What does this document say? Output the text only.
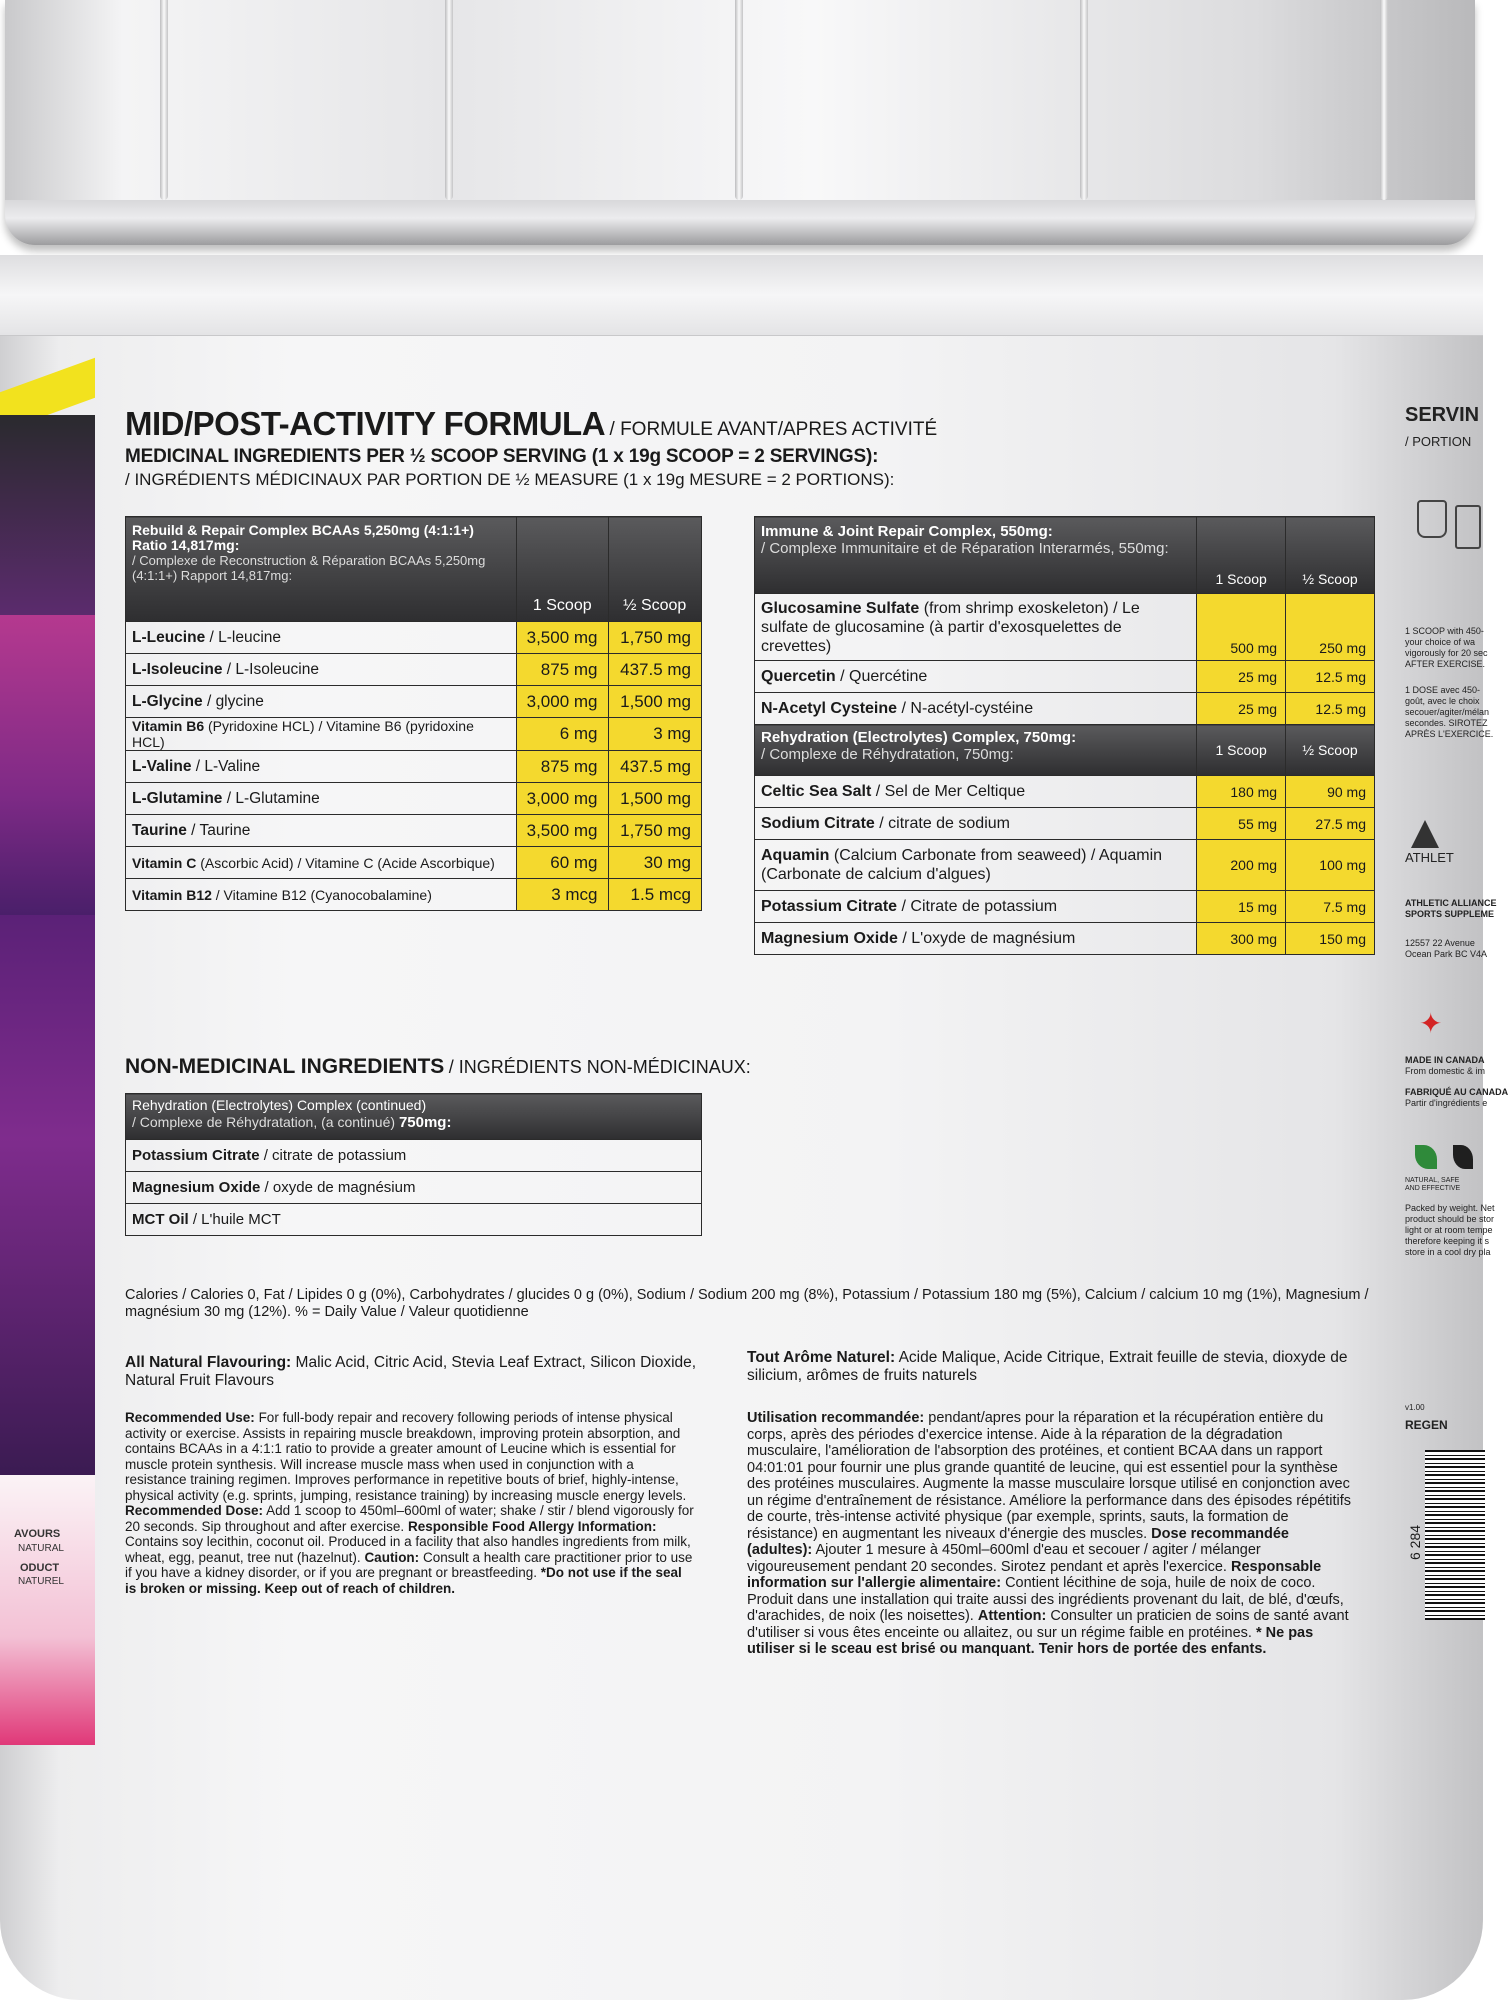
AVOURS
NATURAL
ODUCT
NATUREL
MID/POST-ACTIVITY FORMULA / FORMULE AVANT/APRES ACTIVITÉ
MEDICINAL INGREDIENTS PER ½ SCOOP SERVING (1 x 19g SCOOP = 2 SERVINGS):
/ INGRÉDIENTS MÉDICINAUX PAR PORTION DE ½ MEASURE (1 x 19g MESURE = 2 PORTIONS):
Rebuild & Repair Complex BCAAs 5,250mg (4:1:1+) Ratio 14,817mg:
/ Complexe de Reconstruction & Réparation BCAAs 5,250mg (4:1:1+) Rapport 14,817mg:	1 Scoop	½ Scoop
L-Leucine / L-leucine	3,500 mg	1,750 mg
L-Isoleucine / L-Isoleucine	875 mg	437.5 mg
L-Glycine / glycine	3,000 mg	1,500 mg
Vitamin B6 (Pyridoxine HCL) / Vitamine B6 (pyridoxine HCL)	6 mg	3 mg
L-Valine / L-Valine	875 mg	437.5 mg
L-Glutamine / L-Glutamine	3,000 mg	1,500 mg
Taurine / Taurine	3,500 mg	1,750 mg
Vitamin C (Ascorbic Acid) / Vitamine C (Acide Ascorbique)	60 mg	30 mg
Vitamin B12 / Vitamine B12 (Cyanocobalamine)	3 mcg	1.5 mcg
Immune & Joint Repair Complex, 550mg:
/ Complexe Immunitaire et de Réparation Interarmés, 550mg:	1 Scoop	½ Scoop
Glucosamine Sulfate (from shrimp exoskeleton) / Le sulfate de glucosamine (à partir d'exosquelettes de crevettes)	500 mg	250 mg
Quercetin / Quercétine	25 mg	12.5 mg
N-Acetyl Cysteine / N-acétyl-cystéine	25 mg	12.5 mg

Rehydration (Electrolytes) Complex, 750mg:
/ Complexe de Réhydratation, 750mg:	1 Scoop	½ Scoop
Celtic Sea Salt / Sel de Mer Celtique	180 mg	90 mg
Sodium Citrate / citrate de sodium	55 mg	27.5 mg
Aquamin (Calcium Carbonate from seaweed) / Aquamin (Carbonate de calcium d'algues)	200 mg	100 mg
Potassium Citrate / Citrate de potassium	15 mg	7.5 mg
Magnesium Oxide / L'oxyde de magnésium	300 mg	150 mg
NON-MEDICINAL INGREDIENTS / INGRÉDIENTS NON-MÉDICINAUX:
Rehydration (Electrolytes) Complex (continued)
/ Complexe de Réhydratation, (a continué) 750mg:

Potassium Citrate / citrate de potassium
Magnesium Oxide / oxyde de magnésium
MCT Oil / L'huile MCT
Calories / Calories 0, Fat / Lipides 0 g (0%), Carbohydrates / glucides 0 g (0%), Sodium / Sodium 200 mg (8%), Potassium / Potassium 180 mg (5%), Calcium / calcium 10 mg (1%), Magnesium / magnésium 30 mg (12%). % = Daily Value / Valeur quotidienne
All Natural Flavouring: Malic Acid, Citric Acid, Stevia Leaf Extract, Silicon Dioxide, Natural Fruit Flavours
Tout Arôme Naturel: Acide Malique, Acide Citrique, Extrait feuille de stevia, dioxyde de silicium, arômes de fruits naturels
Recommended Use: For full-body repair and recovery following periods of intense physical activity or exercise. Assists in repairing muscle breakdown, improving protein absorption, and contains BCAAs in a 4:1:1 ratio to provide a greater amount of Leucine which is essential for muscle protein synthesis. Will increase muscle mass when used in conjunction with a resistance training regimen. Improves performance in repetitive bouts of brief, highly-intense, physical activity (e.g. sprints, jumping, resistance training) by increasing muscle energy levels. Recommended Dose: Add 1 scoop to 450ml–600ml of water; shake / stir / blend vigorously for 20 seconds. Sip throughout and after exercise. Responsible Food Allergy Information: Contains soy lecithin, coconut oil. Produced in a facility that also handles ingredients from milk, wheat, egg, peanut, tree nut (hazelnut). Caution: Consult a health care practitioner prior to use if you have a kidney disorder, or if you are pregnant or breastfeeding. *Do not use if the seal is broken or missing. Keep out of reach of children.
Utilisation recommandée: pendant/apres pour la réparation et la récupération entière du corps, après des périodes d'exercice intense. Aide à la réparation de la dégradation musculaire, l'amélioration de l'absorption des protéines, et contient BCAA dans un rapport 04:01:01 pour fournir une plus grande quantité de leucine, qui est essentiel pour la synthèse des protéines musculaires. Augmente la masse musculaire lorsque utilisé en conjonction avec un régime d'entraînement de résistance. Améliore la performance dans des épisodes répétitifs de courte, très-intense activité physique (par exemple, sprints, sauts, la formation de résistance) en augmentant les niveaux d'énergie des muscles. Dose recommandée (adultes): Ajouter 1 mesure à 450ml–600ml d'eau et secouer / agiter / mélanger vigoureusement pendant 20 secondes. Sirotez pendant et après l'exercice. Responsable information sur l'allergie alimentaire: Contient lécithine de soja, huile de noix de coco. Produit dans une installation qui traite aussi des ingrédients provenant du lait, de blé, d'œufs, d'arachides, de noix (les noisettes). Attention: Consulter un praticien de soins de santé avant d'utiliser si vous êtes enceinte ou allaitez, ou sur un régime faible en protéines. * Ne pas utiliser si le sceau est brisé ou manquant. Tenir hors de portée des enfants.
SERVIN
/ PORTION
1 SCOOP with 450-
your choice of wa
vigorously for 20 sec
AFTER EXERCISE.
1 DOSE avec 450-
goût, avec le choix
secouer/agiter/mélan
secondes. SIROTEZ
APRÈS L'EXERCICE.
ATHLET
ATHLETIC ALLIANCE
SPORTS SUPPLEME
12557 22 Avenue
Ocean Park BC V4A
✦
MADE IN CANADA
From domestic & im
FABRIQUÉ AU CANADA
Partir d'ingrédients e
NATURAL, SAFE
AND EFFECTIVE
Packed by weight. Net
product should be stor
light or at room tempe
therefore keeping it s
store in a cool dry pla
v1.00
REGEN
6 284
